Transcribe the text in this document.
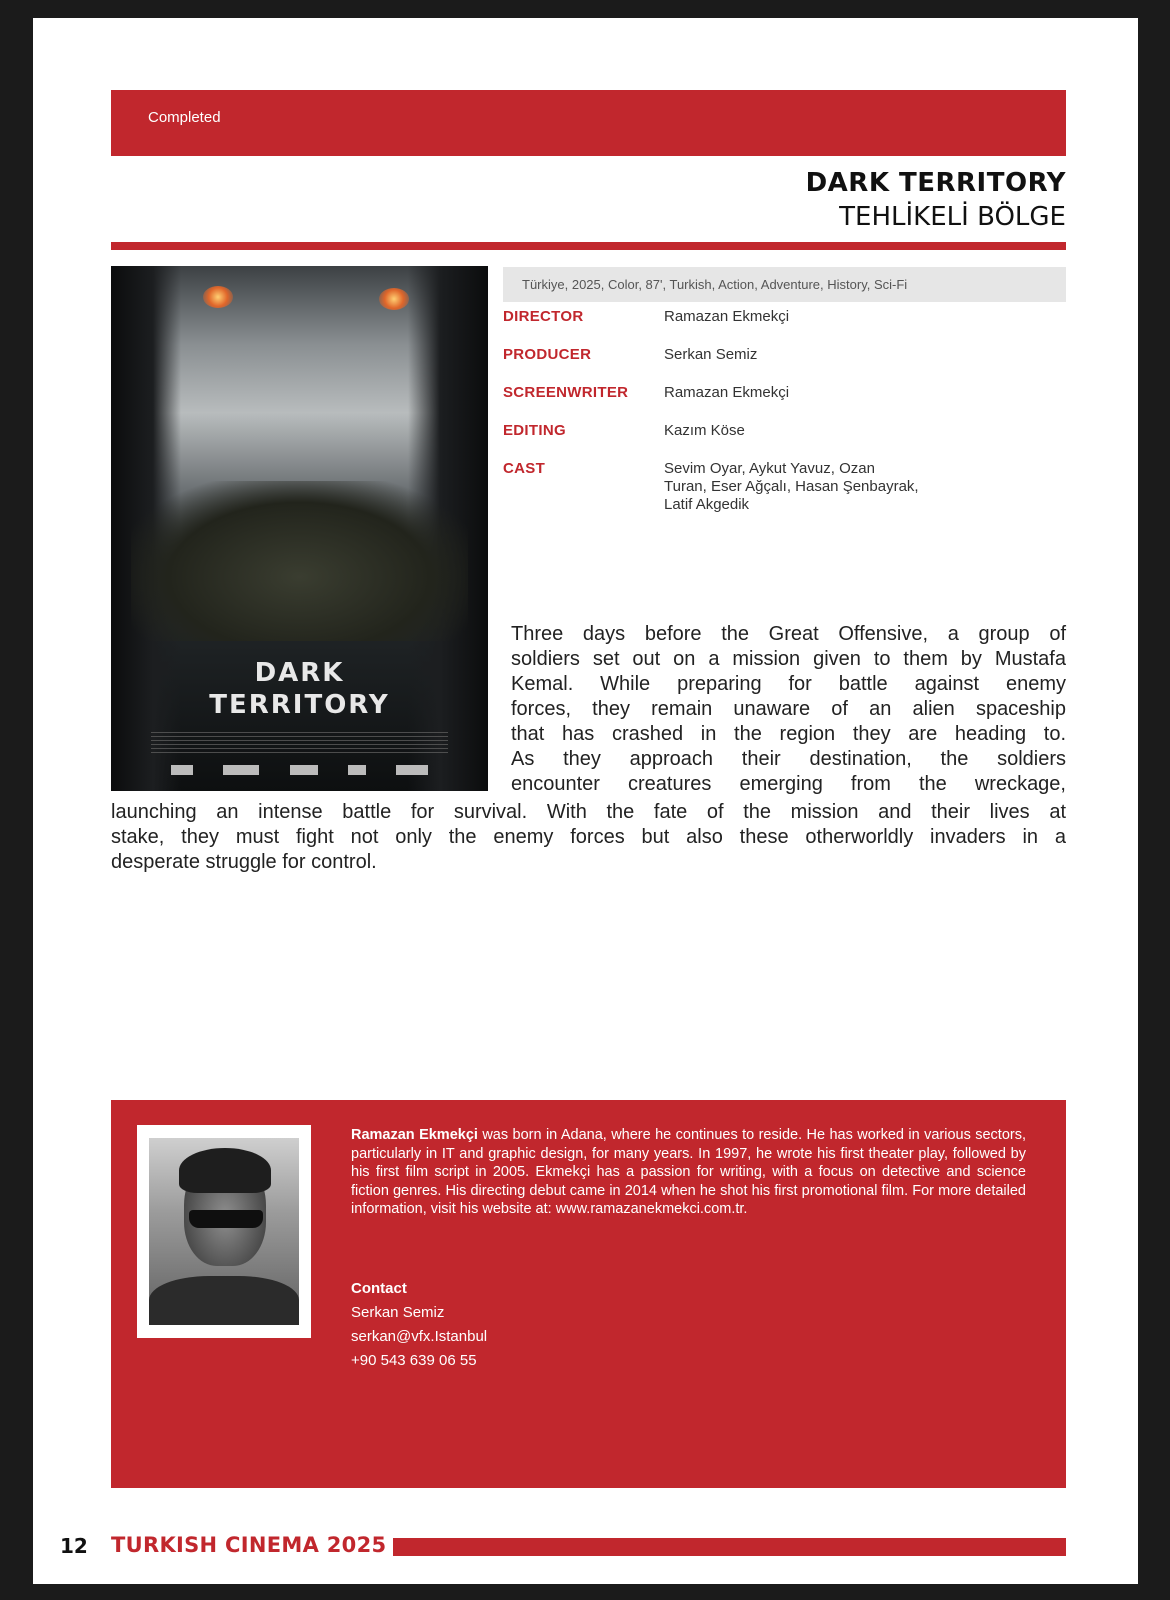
Completed
DARK TERRITORY
TEHLİKELİ BÖLGE
DARK
TERRITORY
Türkiye, 2025, Color, 87', Turkish, Action, Adventure, History, Sci-Fi
DIRECTOR	Ramazan Ekmekçi
PRODUCER	Serkan Semiz
SCREENWRITER Ramazan Ekmekçi
EDITING	Kazım Köse
CAST	Sevim Oyar, Aykut Yavuz, Ozan
Turan, Eser Ağçalı, Hasan Şenbayrak,
Latif Akgedik
Three days before the Great Offensive, a group of
soldiers set out on a mission given to them by Mustafa
Kemal. While preparing for battle against enemy
forces, they remain unaware of an alien spaceship
that has crashed in the region they are heading to.
As they approach their destination, the soldiers
encounter creatures emerging from the wreckage,
launching an intense battle for survival. With the fate of the mission and their lives at
stake, they must fight not only the enemy forces but also these otherworldly invaders in a
desperate struggle for control.
Ramazan Ekmekçi was born in Adana, where he continues to reside. He has worked in various sectors, particularly in IT and graphic design, for many years. In 1997, he wrote his first theater play, followed by his first film script in 2005. Ekmekçi has a passion for writing, with a focus on detective and science fiction genres. His directing debut came in 2014 when he shot his first promotional film. For more detailed information, visit his website at: www.ramazanekmekci.com.tr.
Contact
Serkan Semiz
serkan@vfx.Istanbul
+90 543 639 06 55
12 TURKISH CINEMA 2025
